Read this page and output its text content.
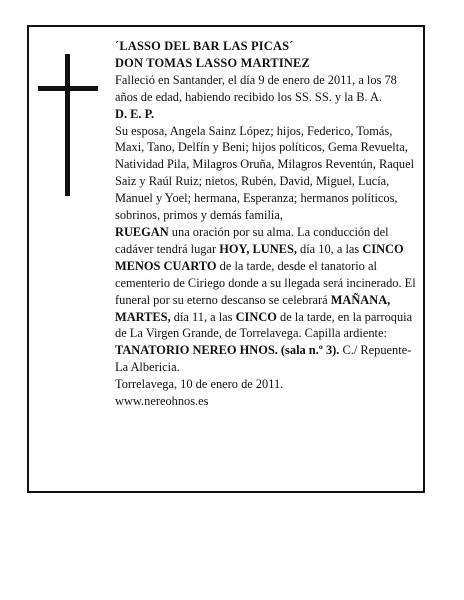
´LASSO DEL BAR LAS PICAS´

DON TOMAS LASSO MARTINEZ

Falleció en Santander, el día 9 de enero de 2011, a los 78 años de edad, habiendo recibido los SS. SS. y la B. A.

D. E. P.

Su esposa, Angela Sainz López; hijos, Federico, Tomás, Maxi, Tano, Delfín y Beni; hijos políticos, Gema Revuelta, Natividad Pila, Milagros Oruña, Milagros Reventún, Raquel Saiz y Raúl Ruiz; nietos, Rubén, David, Miguel, Lucía, Manuel y Yoel; hermana, Esperanza; hermanos políticos, sobrinos, primos y demás familia,

RUEGAN una oración por su alma. La conducción del cadáver tendrá lugar HOY, LUNES, día 10, a las CINCO MENOS CUARTO de la tarde, desde el tanatorio al cementerio de Ciriego donde a su llegada será incinerado. El funeral por su eterno descanso se celebrará MAÑANA, MARTES, día 11, a las CINCO de la tarde, en la parroquia de La Virgen Grande, de Torrelavega. Capilla ardiente: TANATORIO NEREO HNOS. (sala n.º 3). C./ Repuente-La Albericia.

Torrelavega, 10 de enero de 2011.

www.nereohnos.es
